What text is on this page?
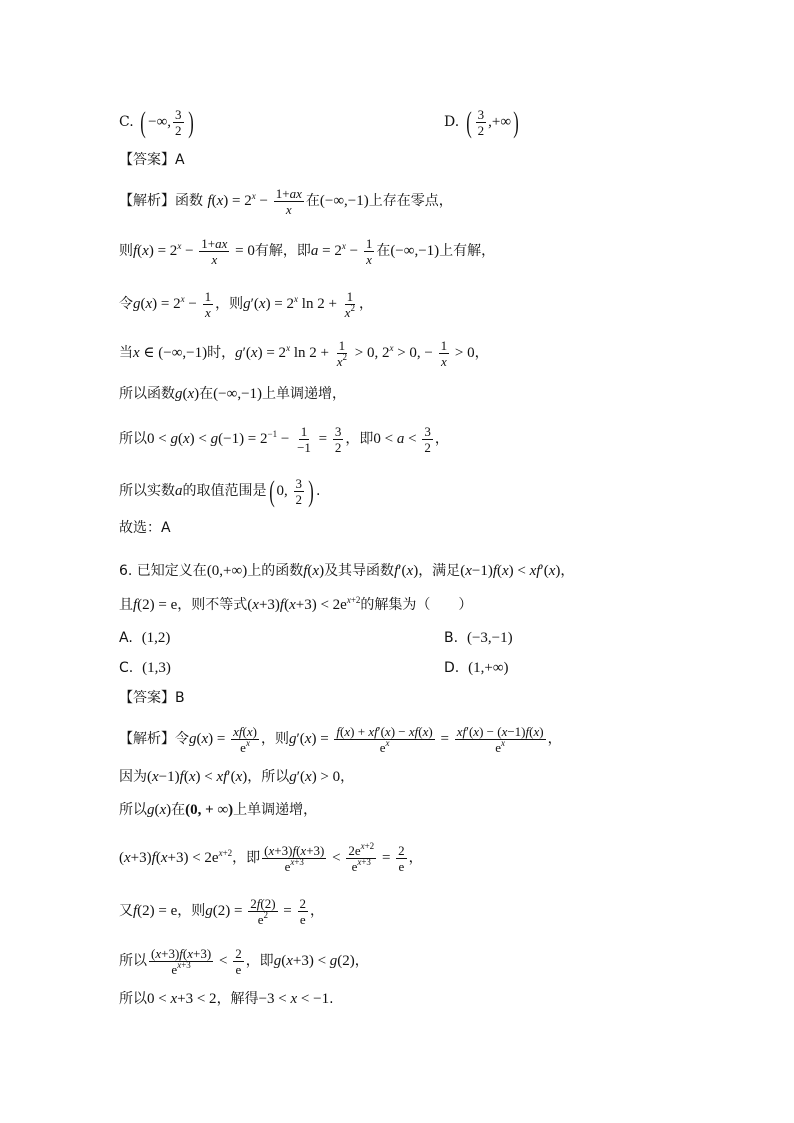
C. ( −∞, $\frac{3}{2}$ )	D. ( $\frac{3}{2}$ ,+∞)
【答案】A
【解析】函数 $f(x) = 2^x - \frac{1+ax}{x}$ 在(−∞,−1)上存在零点，
则$f(x) = 2^x - \frac{1+ax}{x} = 0$有解，即$a = 2^x - \frac{1}{x}$ 在(−∞,−1)上有解，
令$g(x) = 2^x - \frac{1}{x}$ ，则$g'(x) = 2^x$ $\ln 2 + \frac{1}{x^2}$ ，
当x ∈ (−∞,−1)时，$g'(x) = 2^x$ $\ln 2 + \frac{1}{x^2} > 0$, $2^x > 0$, − $\frac{1}{x} > 0$，
所以函数g(x)在(−∞,−1)上单调递增，
所以$0 < g(x) < g(-1) = 2^{-1} - \frac{1}{-1} = \frac{3}{2}$ ，即$0 < a < \frac{3}{2}$ ，
所以实数a的取值范围是( 0, $\frac{3}{2}$ ) .
故选：A
6. 已知定义在(0,+∞)上的函数f(x)及其导函数f′(x)，满足(x−1)f(x) < xf′(x)，
且f(2) = e，则不等式$(x+3)f(x+3) < 2e^{x+2}$的解集为（　　）
A. (1,2)	B. (−3,−1)
C. (1,3)	D. (1,+∞)
【答案】B
【解析】令$g(x) = \frac{xf(x)}{e^x}$ ，则$g'(x) = \frac{f(x) + xf'(x) - xf(x)}{e^x} = \frac{xf'(x) - (x-1)f(x)}{e^x}$ ，
因为(x−1)f(x) < xf′(x)，所以g′(x) > 0，
所以g(x)在(0, + ∞)上单调递增，
$(x+3)f(x+3) < 2e^{x+2}$，即 $\frac{(x+3)f(x+3)}{e^{x+3}} < \frac{2e^{x+2}}{e^{x+3}} = \frac{2}{e}$ ，
又f(2) = e，则$g(2) = \frac{2f(2)}{e^2} = \frac{2}{e}$ ，
所以 $\frac{(x+3)f(x+3)}{e^{x+3}} < \frac{2}{e}$ ，即g(x+3) < g(2)，
所以0 < x+3 < 2，解得−3 < x < −1.
